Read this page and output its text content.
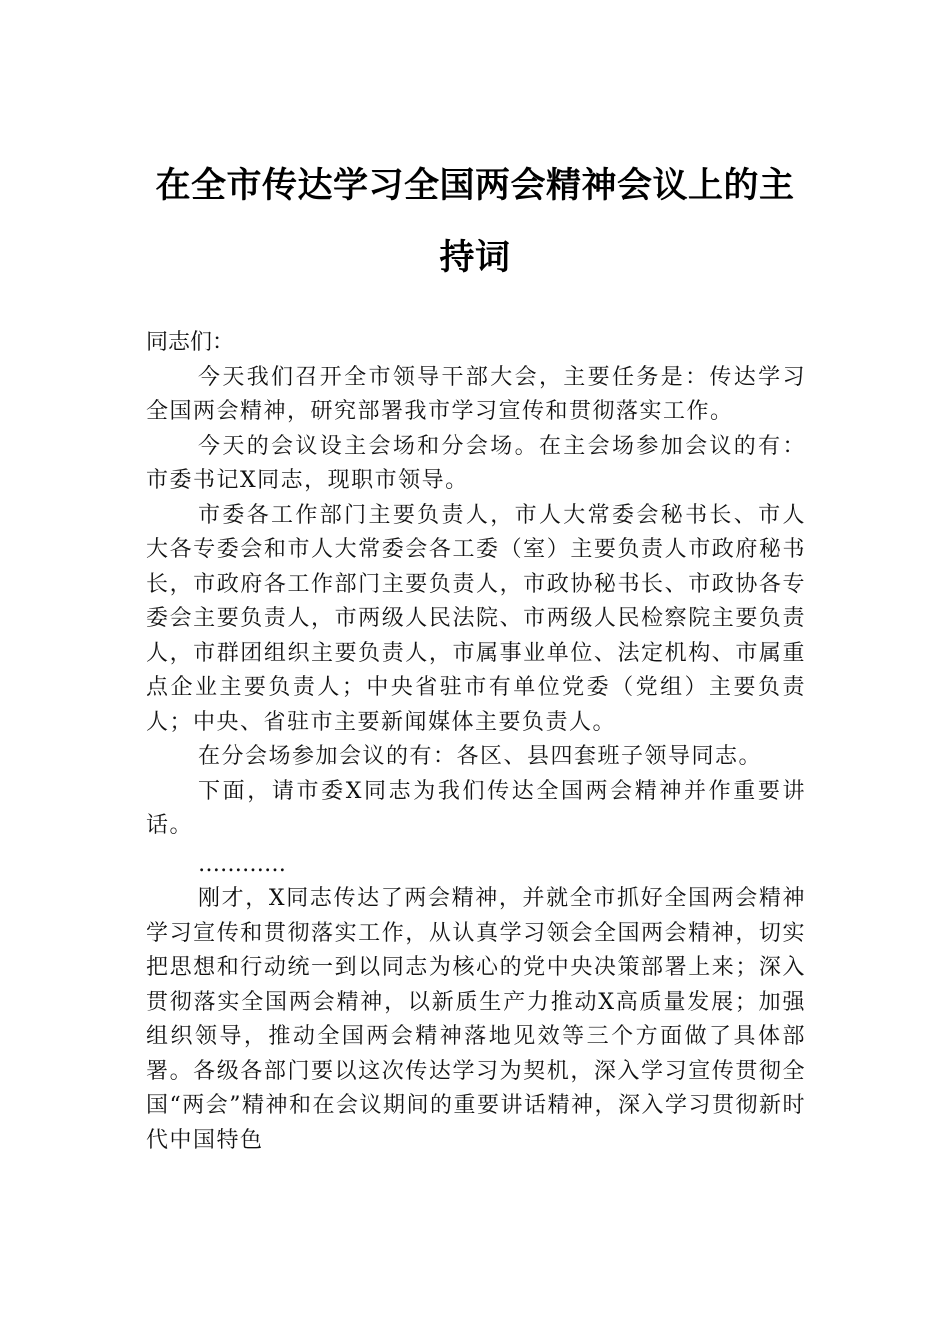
在全市传达学习全国两会精神会议上的主持词

同志们：

今天我们召开全市领导干部大会，主要任务是：传达学习全国两会精神，研究部署我市学习宣传和贯彻落实工作。

今天的会议设主会场和分会场。在主会场参加会议的有：市委书记X同志，现职市领导。

市委各工作部门主要负责人，市人大常委会秘书长、市人大各专委会和市人大常委会各工委（室）主要负责人市政府秘书长，市政府各工作部门主要负责人，市政协秘书长、市政协各专委会主要负责人，市两级人民法院、市两级人民检察院主要负责人，市群团组织主要负责人，市属事业单位、法定机构、市属重点企业主要负责人；中央省驻市有单位党委（党组）主要负责人；中央、省驻市主要新闻媒体主要负责人。

在分会场参加会议的有：各区、县四套班子领导同志。

下面，请市委X同志为我们传达全国两会精神并作重要讲话。

…………

刚才，X同志传达了两会精神，并就全市抓好全国两会精神学习宣传和贯彻落实工作，从认真学习领会全国两会精神，切实把思想和行动统一到以同志为核心的党中央决策部署上来；深入贯彻落实全国两会精神，以新质生产力推动X高质量发展；加强组织领导，推动全国两会精神落地见效等三个方面做了具体部署。各级各部门要以这次传达学习为契机，深入学习宣传贯彻全国“两会”精神和在会议期间的重要讲话精神，深入学习贯彻新时代中国特色
